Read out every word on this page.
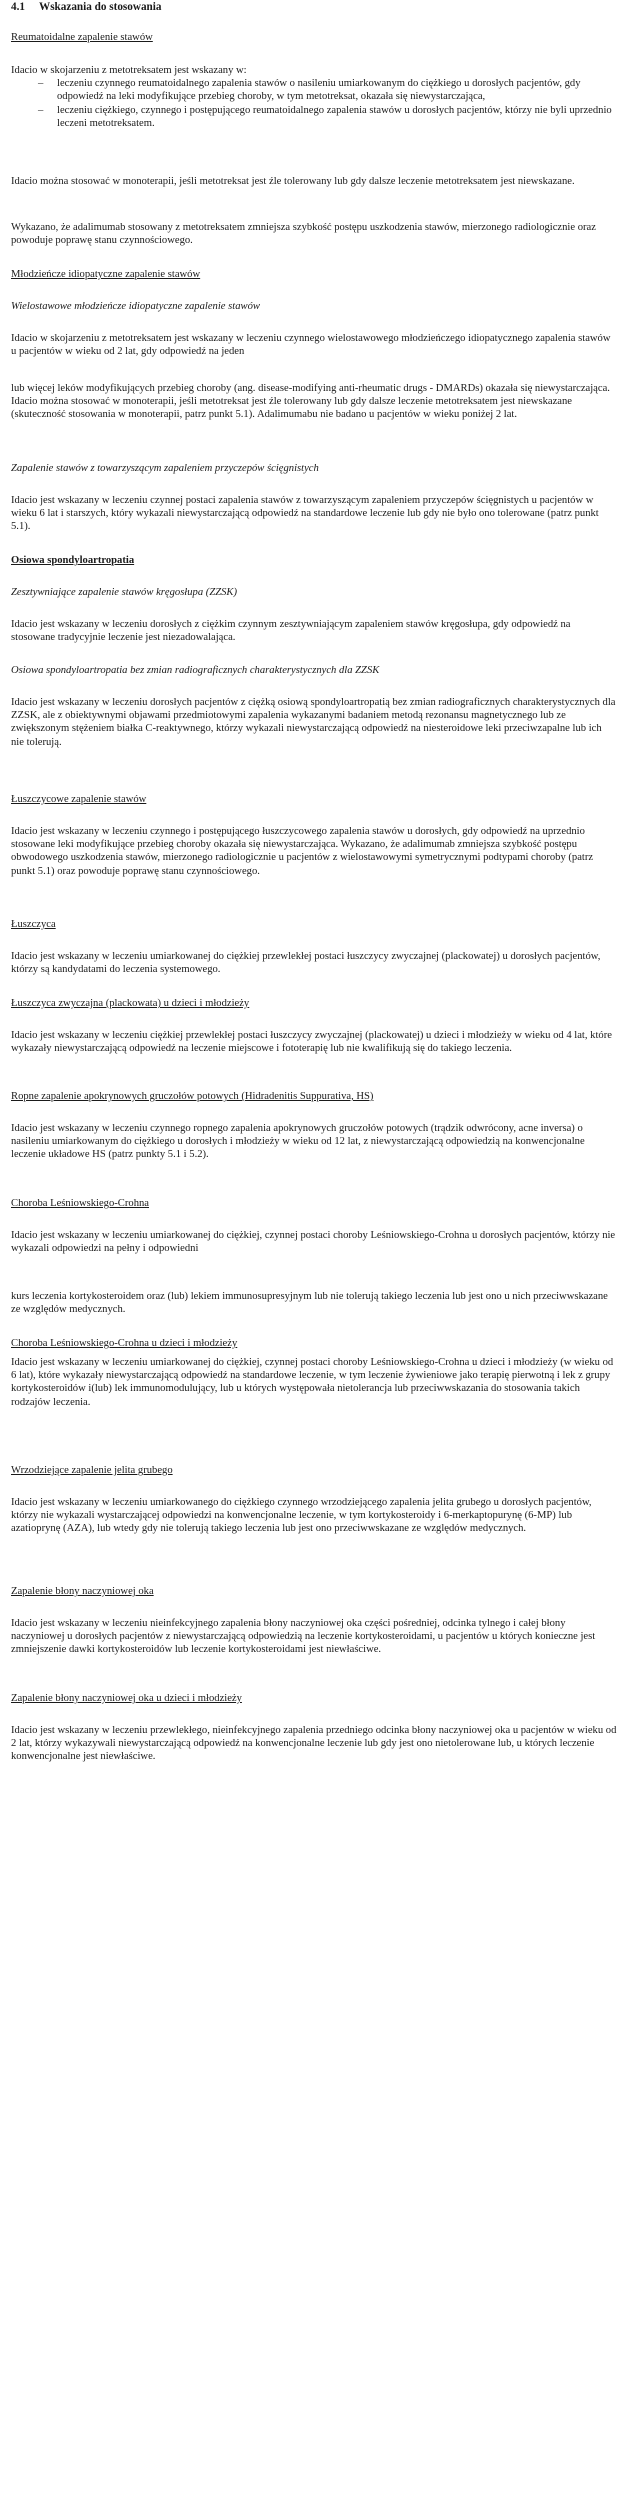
4.1 Wskazania do stosowania

Reumatoidalne zapalenie stawów

Idacio w skojarzeniu z metotreksatem jest wskazany w:

– leczeniu czynnego reumatoidalnego zapalenia stawów o nasileniu umiarkowanym do ciężkiego u dorosłych pacjentów, gdy odpowiedź na leki modyfikujące przebieg choroby, w tym metotreksat, okazała się niewystarczająca,
– leczeniu ciężkiego, czynnego i postępującego reumatoidalnego zapalenia stawów u dorosłych pacjentów, którzy nie byli uprzednio leczeni metotreksatem.

Idacio można stosować w monoterapii, jeśli metotreksat jest źle tolerowany lub gdy dalsze leczenie metotreksatem jest niewskazane.

Wykazano, że adalimumab stosowany z metotreksatem zmniejsza szybkość postępu uszkodzenia stawów, mierzonego radiologicznie oraz powoduje poprawę stanu czynnościowego.

Młodzieńcze idiopatyczne zapalenie stawów

Wielostawowe młodzieńcze idiopatyczne zapalenie stawów

Idacio w skojarzeniu z metotreksatem jest wskazany w leczeniu czynnego wielostawowego młodzieńczego idiopatycznego zapalenia stawów u pacjentów w wieku od 2 lat, gdy odpowiedź na jeden

lub więcej leków modyfikujących przebieg choroby (ang. disease-modifying anti-rheumatic drugs - DMARDs) okazała się niewystarczająca. Idacio można stosować w monoterapii, jeśli metotreksat jest źle tolerowany lub gdy dalsze leczenie metotreksatem jest niewskazane (skuteczność stosowania w monoterapii, patrz punkt 5.1). Adalimumabu nie badano u pacjentów w wieku poniżej 2 lat.

Zapalenie stawów z towarzyszącym zapaleniem przyczepów ścięgnistych

Idacio jest wskazany w leczeniu czynnej postaci zapalenia stawów z towarzyszącym zapaleniem przyczepów ścięgnistych u pacjentów w wieku 6 lat i starszych, który wykazali niewystarczającą odpowiedź na standardowe leczenie lub gdy nie było ono tolerowane (patrz punkt 5.1).

Osiowa spondyloartropatia

Zesztywniające zapalenie stawów kręgosłupa (ZZSK)

Idacio jest wskazany w leczeniu dorosłych z ciężkim czynnym zesztywniającym zapaleniem stawów kręgosłupa, gdy odpowiedź na stosowane tradycyjnie leczenie jest niezadowalająca.

Osiowa spondyloartropatia bez zmian radiograficznych charakterystycznych dla ZZSK

Idacio jest wskazany w leczeniu dorosłych pacjentów z ciężką osiową spondyloartropatią bez zmian radiograficznych charakterystycznych dla ZZSK, ale z obiektywnymi objawami przedmiotowymi zapalenia wykazanymi badaniem metodą rezonansu magnetycznego lub ze zwiększonym stężeniem białka C-reaktywnego, którzy wykazali niewystarczającą odpowiedź na niesteroidowe leki przeciwzapalne lub ich nie tolerują.

Łuszczycowe zapalenie stawów

Idacio jest wskazany w leczeniu czynnego i postępującego łuszczycowego zapalenia stawów u dorosłych, gdy odpowiedź na uprzednio stosowane leki modyfikujące przebieg choroby okazała się niewystarczająca. Wykazano, że adalimumab zmniejsza szybkość postępu obwodowego uszkodzenia stawów, mierzonego radiologicznie u pacjentów z wielostawowymi symetrycznymi podtypami choroby (patrz punkt 5.1) oraz powoduje poprawę stanu czynnościowego.

Łuszczyca

Idacio jest wskazany w leczeniu umiarkowanej do ciężkiej przewlekłej postaci łuszczycy zwyczajnej (plackowatej) u dorosłych pacjentów, którzy są kandydatami do leczenia systemowego.

Łuszczyca zwyczajna (plackowata) u dzieci i młodzieży

Idacio jest wskazany w leczeniu ciężkiej przewlekłej postaci łuszczycy zwyczajnej (plackowatej) u dzieci i młodzieży w wieku od 4 lat, które wykazały niewystarczającą odpowiedź na leczenie miejscowe i fototerapię lub nie kwalifikują się do takiego leczenia.

Ropne zapalenie apokrynowych gruczołów potowych (Hidradenitis Suppurativa, HS)

Idacio jest wskazany w leczeniu czynnego ropnego zapalenia apokrynowych gruczołów potowych (trądzik odwrócony, acne inversa) o nasileniu umiarkowanym do ciężkiego u dorosłych i młodzieży w wieku od 12 lat, z niewystarczającą odpowiedzią na konwencjonalne leczenie układowe HS (patrz punkty 5.1 i 5.2).

Choroba Leśniowskiego-Crohna

Idacio jest wskazany w leczeniu umiarkowanej do ciężkiej, czynnej postaci choroby Leśniowskiego-Crohna u dorosłych pacjentów, którzy nie wykazali odpowiedzi na pełny i odpowiedni

kurs leczenia kortykosteroidem oraz (lub) lekiem immunosupresyjnym lub nie tolerują takiego leczenia lub jest ono u nich przeciwwskazane ze względów medycznych.

Choroba Leśniowskiego-Crohna u dzieci i młodzieży

Idacio jest wskazany w leczeniu umiarkowanej do ciężkiej, czynnej postaci choroby Leśniowskiego-Crohna u dzieci i młodzieży (w wieku od 6 lat), które wykazały niewystarczającą odpowiedź na standardowe leczenie, w tym leczenie żywieniowe jako terapię pierwotną i lek z grupy kortykosteroidów i(lub) lek immunomodulujący, lub u których występowała nietolerancja lub przeciwwskazania do stosowania takich rodzajów leczenia.

Wrzodziejące zapalenie jelita grubego

Idacio jest wskazany w leczeniu umiarkowanego do ciężkiego czynnego wrzodziejącego zapalenia jelita grubego u dorosłych pacjentów, którzy nie wykazali wystarczającej odpowiedzi na konwencjonalne leczenie, w tym kortykosteroidy i 6-merkaptopurynę (6-MP) lub azatioprynę (AZA), lub wtedy gdy nie tolerują takiego leczenia lub jest ono przeciwwskazane ze względów medycznych.

Zapalenie błony naczyniowej oka

Idacio jest wskazany w leczeniu nieinfekcyjnego zapalenia błony naczyniowej oka części pośredniej, odcinka tylnego i całej błony naczyniowej u dorosłych pacjentów z niewystarczającą odpowiedzią na leczenie kortykosteroidami, u pacjentów u których konieczne jest zmniejszenie dawki kortykosteroidów lub leczenie kortykosteroidami jest niewłaściwe.

Zapalenie błony naczyniowej oka u dzieci i młodzieży

Idacio jest wskazany w leczeniu przewlekłego, nieinfekcyjnego zapalenia przedniego odcinka błony naczyniowej oka u pacjentów w wieku od 2 lat, którzy wykazywali niewystarczającą odpowiedź na konwencjonalne leczenie lub gdy jest ono nietolerowane lub, u których leczenie konwencjonalne jest niewłaściwe.
